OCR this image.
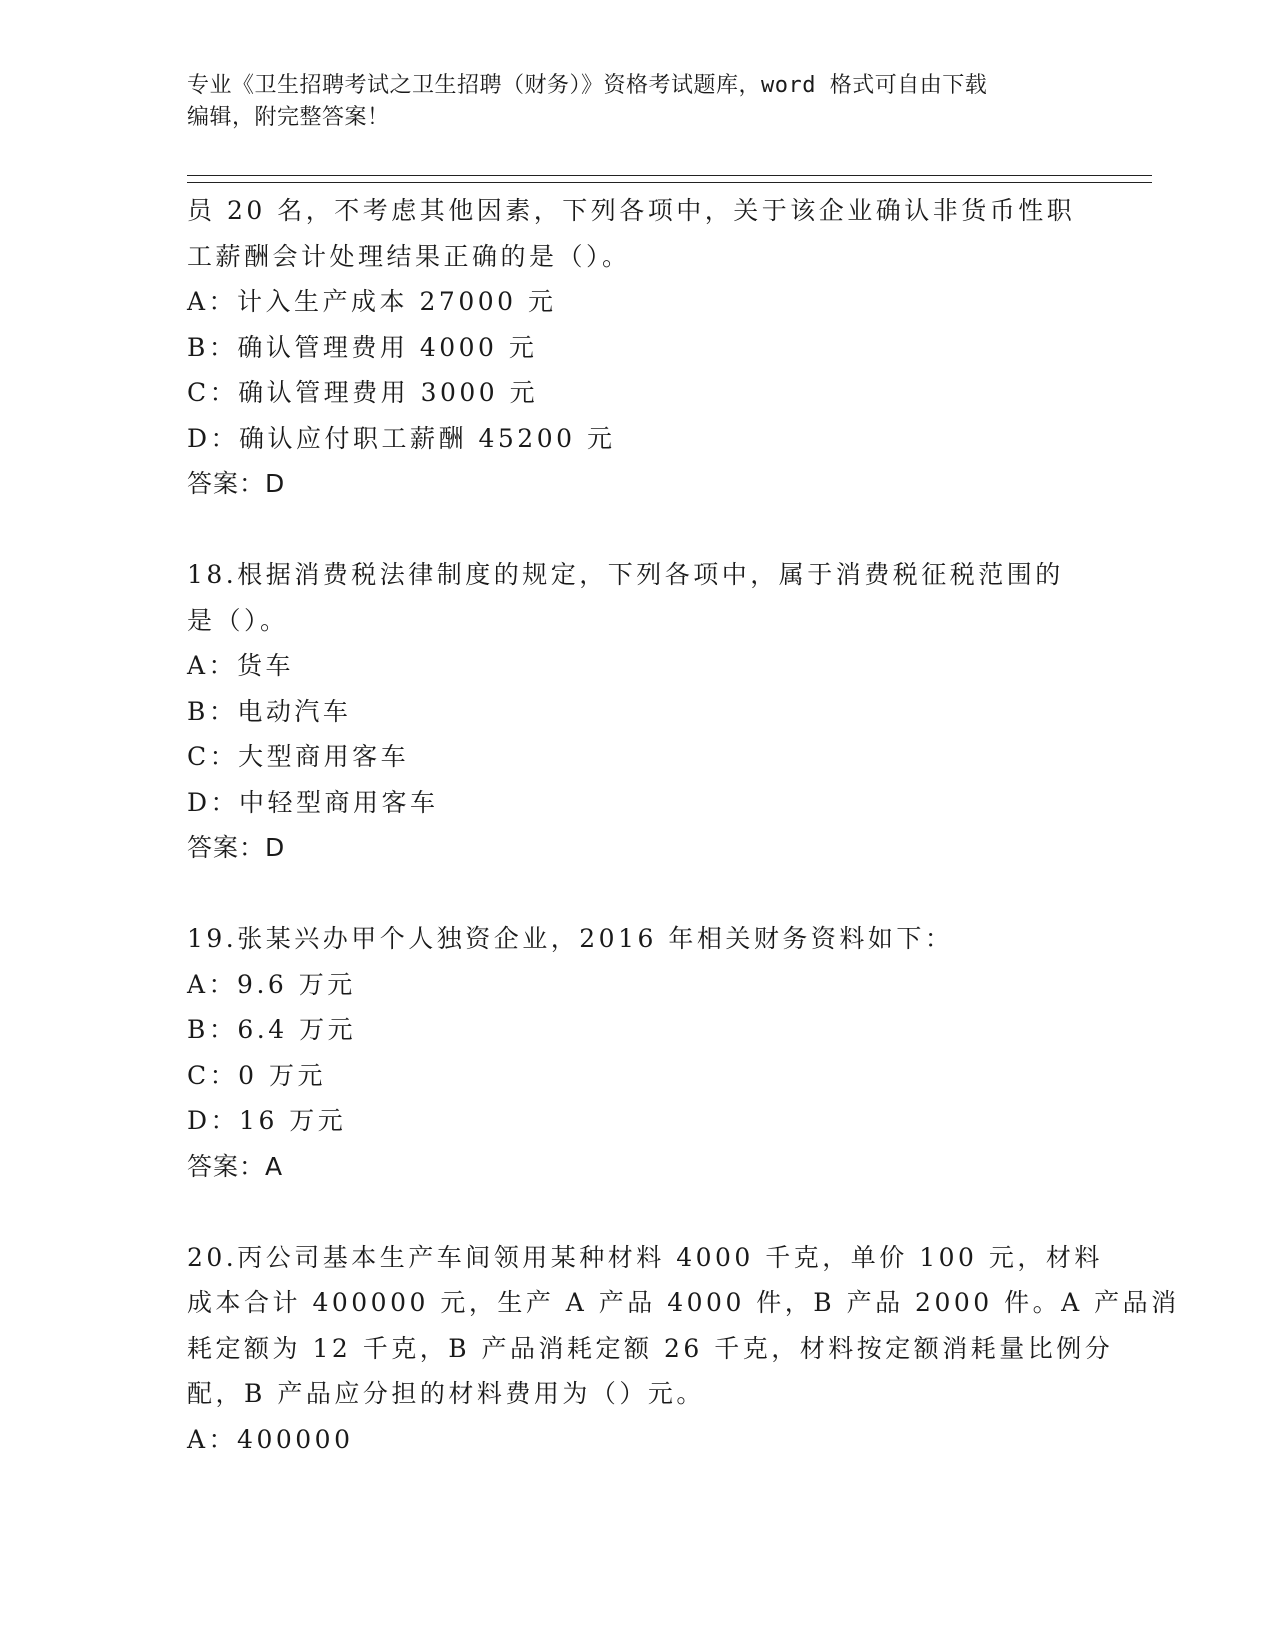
专业《卫生招聘考试之卫生招聘（财务）》资格考试题库，word 格式可自由下载
编辑，附完整答案！
员 20 名，不考虑其他因素，下列各项中，关于该企业确认非货币性职
工薪酬会计处理结果正确的是（）。
A：计入生产成本 27000 元
B：确认管理费用 4000 元
C：确认管理费用 3000 元
D：确认应付职工薪酬 45200 元
答案：D
18.根据消费税法律制度的规定，下列各项中，属于消费税征税范围的
是（）。
A：货车
B：电动汽车
C：大型商用客车
D：中轻型商用客车
答案：D
19.张某兴办甲个人独资企业，2016 年相关财务资料如下：
A：9.6 万元
B：6.4 万元
C：0 万元
D：16 万元
答案：A
20.丙公司基本生产车间领用某种材料 4000 千克，单价 100 元，材料
成本合计 400000 元，生产 A 产品 4000 件，B 产品 2000 件。A 产品消
耗定额为 12 千克，B 产品消耗定额 26 千克，材料按定额消耗量比例分
配，B 产品应分担的材料费用为（）元。
A：400000
